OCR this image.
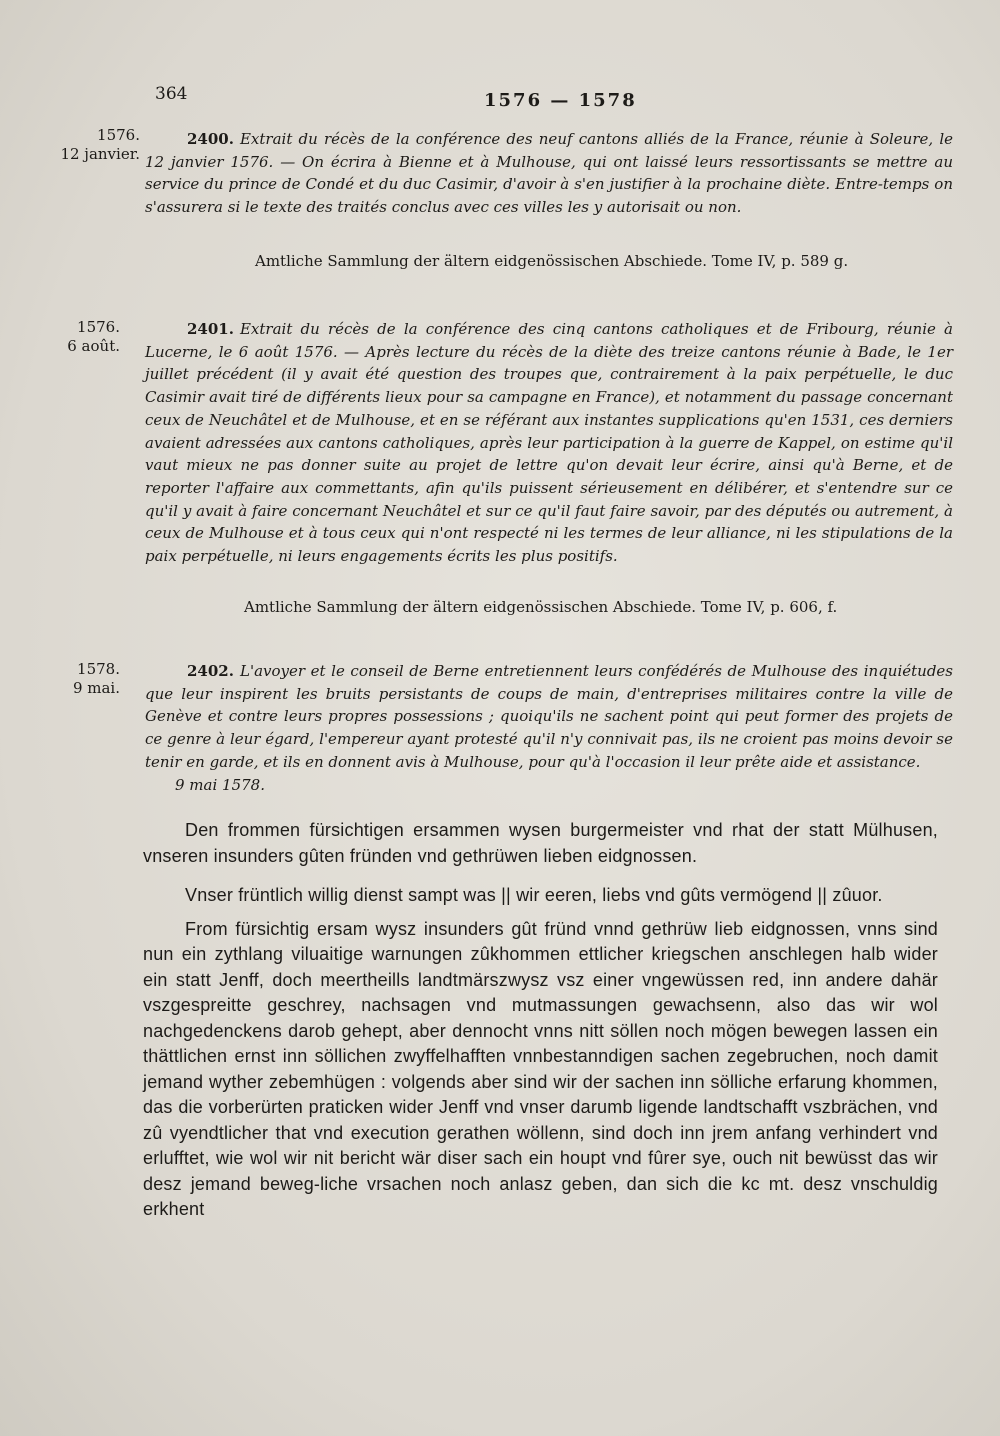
364	1576 — 1578
1576.
12 janvier.
2400. Extrait du récès de la conférence des neuf cantons alliés de la France, réunie à Soleure, le 12 janvier 1576. — On écrira à Bienne et à Mulhouse, qui ont laissé leurs ressortissants se mettre au service du prince de Condé et du duc Casimir, d'avoir à s'en justifier à la prochaine diète. Entre-temps on s'assurera si le texte des traités conclus avec ces villes les y autorisait ou non.
Amtliche Sammlung der ältern eidgenössischen Abschiede. Tome IV, p. 589 g.
1576.
6 août.
2401. Extrait du récès de la conférence des cinq cantons catholiques et de Fribourg, réunie à Lucerne, le 6 août 1576. — Après lecture du récès de la diète des treize cantons réunie à Bade, le 1er juillet précédent (il y avait été question des troupes que, contrairement à la paix perpétuelle, le duc Casimir avait tiré de différents lieux pour sa campagne en France), et notamment du passage concernant ceux de Neuchâtel et de Mulhouse, et en se référant aux instantes supplications qu'en 1531, ces derniers avaient adressées aux cantons catholiques, après leur participation à la guerre de Kappel, on estime qu'il vaut mieux ne pas donner suite au projet de lettre qu'on devait leur écrire, ainsi qu'à Berne, et de reporter l'affaire aux commettants, afin qu'ils puissent sérieusement en délibérer, et s'entendre sur ce qu'il y avait à faire concernant Neuchâtel et sur ce qu'il faut faire savoir, par des députés ou autrement, à ceux de Mulhouse et à tous ceux qui n'ont respecté ni les termes de leur alliance, ni les stipulations de la paix perpétuelle, ni leurs engagements écrits les plus positifs.
Amtliche Sammlung der ältern eidgenössischen Abschiede. Tome IV, p. 606, f.
1578.
9 mai.
2402. L'avoyer et le conseil de Berne entretiennent leurs confédérés de Mulhouse des inquiétudes que leur inspirent les bruits persistants de coups de main, d'entreprises militaires contre la ville de Genève et contre leurs propres possessions ; quoiqu'ils ne sachent point qui peut former des projets de ce genre à leur égard, l'empereur ayant protesté qu'il n'y connivait pas, ils ne croient pas moins devoir se tenir en garde, et ils en donnent avis à Mulhouse, pour qu'à l'occasion il leur prête aide et assistance.
9 mai 1578.

Den frommen fürsichtigen ersammen wysen burgermeister vnd rhat der statt Mülhusen, vnseren insunders gûten fründen vnd gethrüwen lieben eidgnossen.

Vnser früntlich willig dienst sampt was || wir eeren, liebs vnd gûts vermögend || zûuor.

From fürsichtig ersam wysz insunders gût fründ vnnd gethrüw lieb eidgnossen, vnns sind nun ein zythlang viluaitige warnungen zûkhommen ettlicher kriegschen anschlegen halb wider ein statt Jenff, doch meertheills landtmärszwysz vsz einer vngewüssen red, inn andere dahär vszgespreitte geschrey, nachsagen vnd mutmassungen gewachsenn, also das wir wol nachgedenckens darob gehept, aber dennocht vnns nitt söllen noch mögen bewegen lassen ein thättlichen ernst inn söllichen zwyffelhafften vnnbestanndigen sachen zegebruchen, noch damit jemand wyther zebemhügen : volgends aber sind wir der sachen inn sölliche erfarung khommen, das die vorberürten praticken wider Jenff vnd vnser darumb ligende landtschafft vszbrächen, vnd zû vyendtlicher that vnd execution gerathen wöllenn, sind doch inn jrem anfang verhindert vnd erlufftet, wie wol wir nit bericht wär diser sach ein houpt vnd fûrer sye, ouch nit bewüsst das wir desz jemand beweg-liche vrsachen noch anlasz geben, dan sich die kc mt. desz vnschuldig erkhent
